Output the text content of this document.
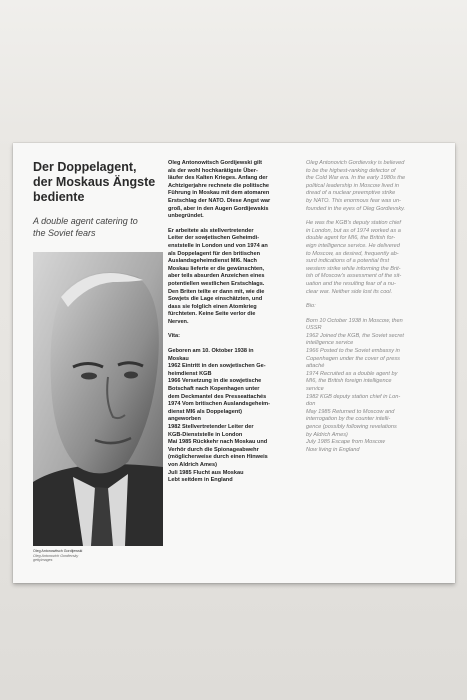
Der Doppelagent,
der Moskaus Ängste
bediente
A double agent catering to
the Soviet fears
Oleg Antonowitsch Gordijewski
Oleg Antonovich Gordievsky
gettyimages

Oleg Antonowitsch Gordijewski gilt
als der wohl hochkarätigste Über-
läufer des Kalten Krieges. Anfang der
Achtzigerjahre rechnete die politische
Führung in Moskau mit dem atomaren
Erstschlag der NATO. Diese Angst war
groß, aber in den Augen Gordijewskis
unbegründet.

Er arbeitete als stellvertretender
Leiter der sowjetischen Geheimdi-
enststelle in London und von 1974 an
als Doppelagent für den britischen
Auslandsgeheimdienst MI6. Nach
Moskau lieferte er die gewünschten,
aber teils absurden Anzeichen eines
potentiellen westlichen Erstschlags.
Den Briten teilte er dann mit, wie die
Sowjets die Lage einschätzten, und
dass sie folglich einen Atomkrieg
fürchteten. Keine Seite verlor die
Nerven.

Vita:

Geboren am 10. Oktober 1938 in
Moskau
1962 Eintritt in den sowjetischen Ge-
heimdienst KGB
1966 Versetzung in die sowjetische
Botschaft nach Kopenhagen unter
dem Deckmantel des Presseattachés
1974 Vom britischen Auslandsgeheim-
dienst MI6 als Doppelagent)
angeworben
1982 Stellvertretender Leiter der
KGB-Dienststelle in London
Mai 1985 Rückkehr nach Moskau und
Verhör durch die Spionageabwehr
(möglicherweise durch einen Hinweis
von Aldrich Ames)
Juli 1985 Flucht aus Moskau
Lebt seitdem in England

Oleg Antonovich Gordievsky is believed
to be the highest-ranking defector of
the Cold War era. In the early 1980s the
political leadership in Moscow lived in
dread of a nuclear preemptive strike
by NATO. This enormous fear was un-
founded in the eyes of Oleg Gordievsky.

He was the KGB's deputy station chief
in London, but as of 1974 worked as a
double agent for MI6, the British for-
eign intelligence service. He delivered
to Moscow, as desired, frequently ab-
surd indications of a potential first
western strike while informing the Brit-
ish of Moscow's assessment of the sit-
uation and the resulting fear of a nu-
clear war. Neither side lost its cool.

Bio:

Born 10 October 1938 in Moscow, then
USSR
1962 Joined the KGB, the Soviet secret
intelligence service
1966 Posted to the Soviet embassy in
Copenhagen under the cover of press
attaché
1974 Recruited as a double agent by
MI6, the British foreign intelligence
service
1982 KGB deputy station chief in Lon-
don
May 1985 Returned to Moscow and
interrogation by the counter intelli-
gence (possibly following revelations
by Aldrich Ames)
July 1985 Escape from Moscow
Now living in England
